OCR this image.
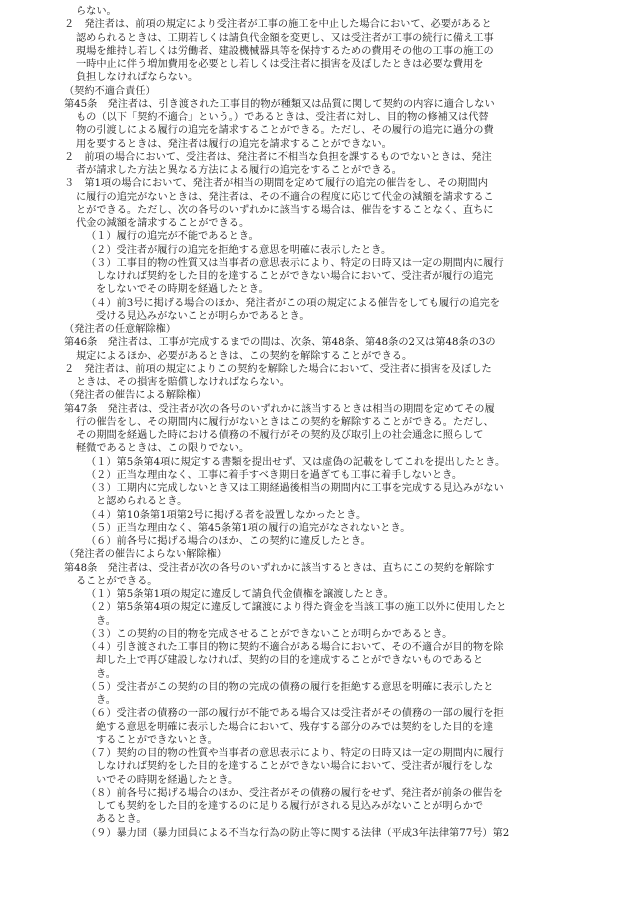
らない。
２　発注者は、前項の規定により受注者が工事の施工を中止した場合において、必要があると
認められるときは、工期若しくは請負代金額を変更し、又は受注者が工事の続行に備え工事
現場を維持し若しくは労働者、建設機械器具等を保持するための費用その他の工事の施工の
一時中止に伴う増加費用を必要とし若しくは受注者に損害を及ぼしたときは必要な費用を
負担しなければならない。
（契約不適合責任）
第45条　発注者は、引き渡された工事目的物が種類又は品質に関して契約の内容に適合しない
もの（以下「契約不適合」という。）であるときは、受注者に対し、目的物の修補又は代替
物の引渡しによる履行の追完を請求することができる。ただし、その履行の追完に過分の費
用を要するときは、発注者は履行の追完を請求することができない。
２　前項の場合において、受注者は、発注者に不相当な負担を課するものでないときは、発注
者が請求した方法と異なる方法による履行の追完をすることができる。
３　第1項の場合において、発注者が相当の期間を定めて履行の追完の催告をし、その期間内
に履行の追完がないときは、発注者は、その不適合の程度に応じて代金の減額を請求するこ
とができる。ただし、次の各号のいずれかに該当する場合は、催告をすることなく、直ちに
代金の減額を請求することができる。
（１）履行の追完が不能であるとき。
（２）受注者が履行の追完を拒絶する意思を明確に表示したとき。
（３）工事目的物の性質又は当事者の意思表示により、特定の日時又は一定の期間内に履行
しなければ契約をした目的を達することができない場合において、受注者が履行の追完
をしないでその時期を経過したとき。
（４）前3号に掲げる場合のほか、発注者がこの項の規定による催告をしても履行の追完を
受ける見込みがないことが明らかであるとき。
（発注者の任意解除権）
第46条　発注者は、工事が完成するまでの間は、次条、第48条、第48条の2又は第48条の3の
規定によるほか、必要があるときは、この契約を解除することができる。
２　発注者は、前項の規定によりこの契約を解除した場合において、受注者に損害を及ぼした
ときは、その損害を賠償しなければならない。
（発注者の催告による解除権）
第47条　発注者は、受注者が次の各号のいずれかに該当するときは相当の期間を定めてその履
行の催告をし、その期間内に履行がないときはこの契約を解除することができる。ただし、
その期間を経過した時における債務の不履行がその契約及び取引上の社会通念に照らして
軽微であるときは、この限りでない。
（１）第5条第4項に規定する書類を提出せず、又は虚偽の記載をしてこれを提出したとき。
（２）正当な理由なく、工事に着手すべき期日を過ぎても工事に着手しないとき。
（３）工期内に完成しないとき又は工期経過後相当の期間内に工事を完成する見込みがない
と認められるとき。
（４）第10条第1項第2号に掲げる者を設置しなかったとき。
（５）正当な理由なく、第45条第1項の履行の追完がなされないとき。
（６）前各号に掲げる場合のほか、この契約に違反したとき。
（発注者の催告によらない解除権）
第48条　発注者は、受注者が次の各号のいずれかに該当するときは、直ちにこの契約を解除す
ることができる。
（１）第5条第1項の規定に違反して請負代金債権を譲渡したとき。
（２）第5条第4項の規定に違反して譲渡により得た資金を当該工事の施工以外に使用したと
き。
（３）この契約の目的物を完成させることができないことが明らかであるとき。
（４）引き渡された工事目的物に契約不適合がある場合において、その不適合が目的物を除
却した上で再び建設しなければ、契約の目的を達成することができないものであると
き。
（５）受注者がこの契約の目的物の完成の債務の履行を拒絶する意思を明確に表示したと
き。
（６）受注者の債務の一部の履行が不能である場合又は受注者がその債務の一部の履行を拒
絶する意思を明確に表示した場合において、残存する部分のみでは契約をした目的を達
することができないとき。
（７）契約の目的物の性質や当事者の意思表示により、特定の日時又は一定の期間内に履行
しなければ契約をした目的を達することができない場合において、受注者が履行をしな
いでその時期を経過したとき。
（８）前各号に掲げる場合のほか、受注者がその債務の履行をせず、発注者が前条の催告を
しても契約をした目的を達するのに足りる履行がされる見込みがないことが明らかで
あるとき。
（９）暴力団（暴力団員による不当な行為の防止等に関する法律（平成3年法律第77号）第2
